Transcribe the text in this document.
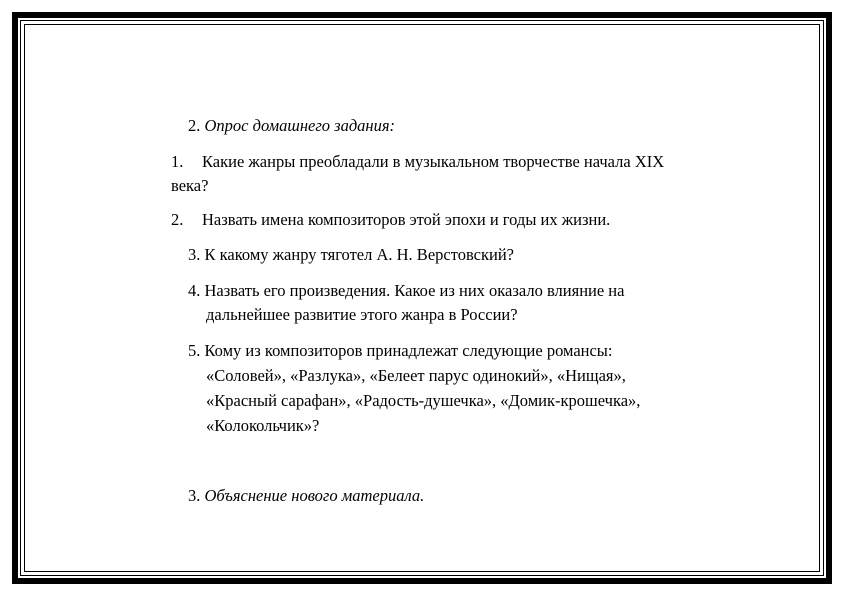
2. Опрос домашнего задания:
1. Какие жанры преобладали в музыкальном творчестве начала XIX
века?
2. Назвать имена композиторов этой эпохи и годы их жизни.
3. К какому жанру тяготел А. Н. Верстовский?
4. Назвать его произведения. Какое из них оказало влияние на
дальнейшее развитие этого жанра в России?
5. Кому из композиторов принадлежат следующие романсы:
«Соловей», «Разлука», «Белеет парус одинокий», «Нищая»,
«Красный сарафан», «Радость-душечка», «Домик-крошечка»,
«Колокольчик»?
3. Объяснение нового материала.
